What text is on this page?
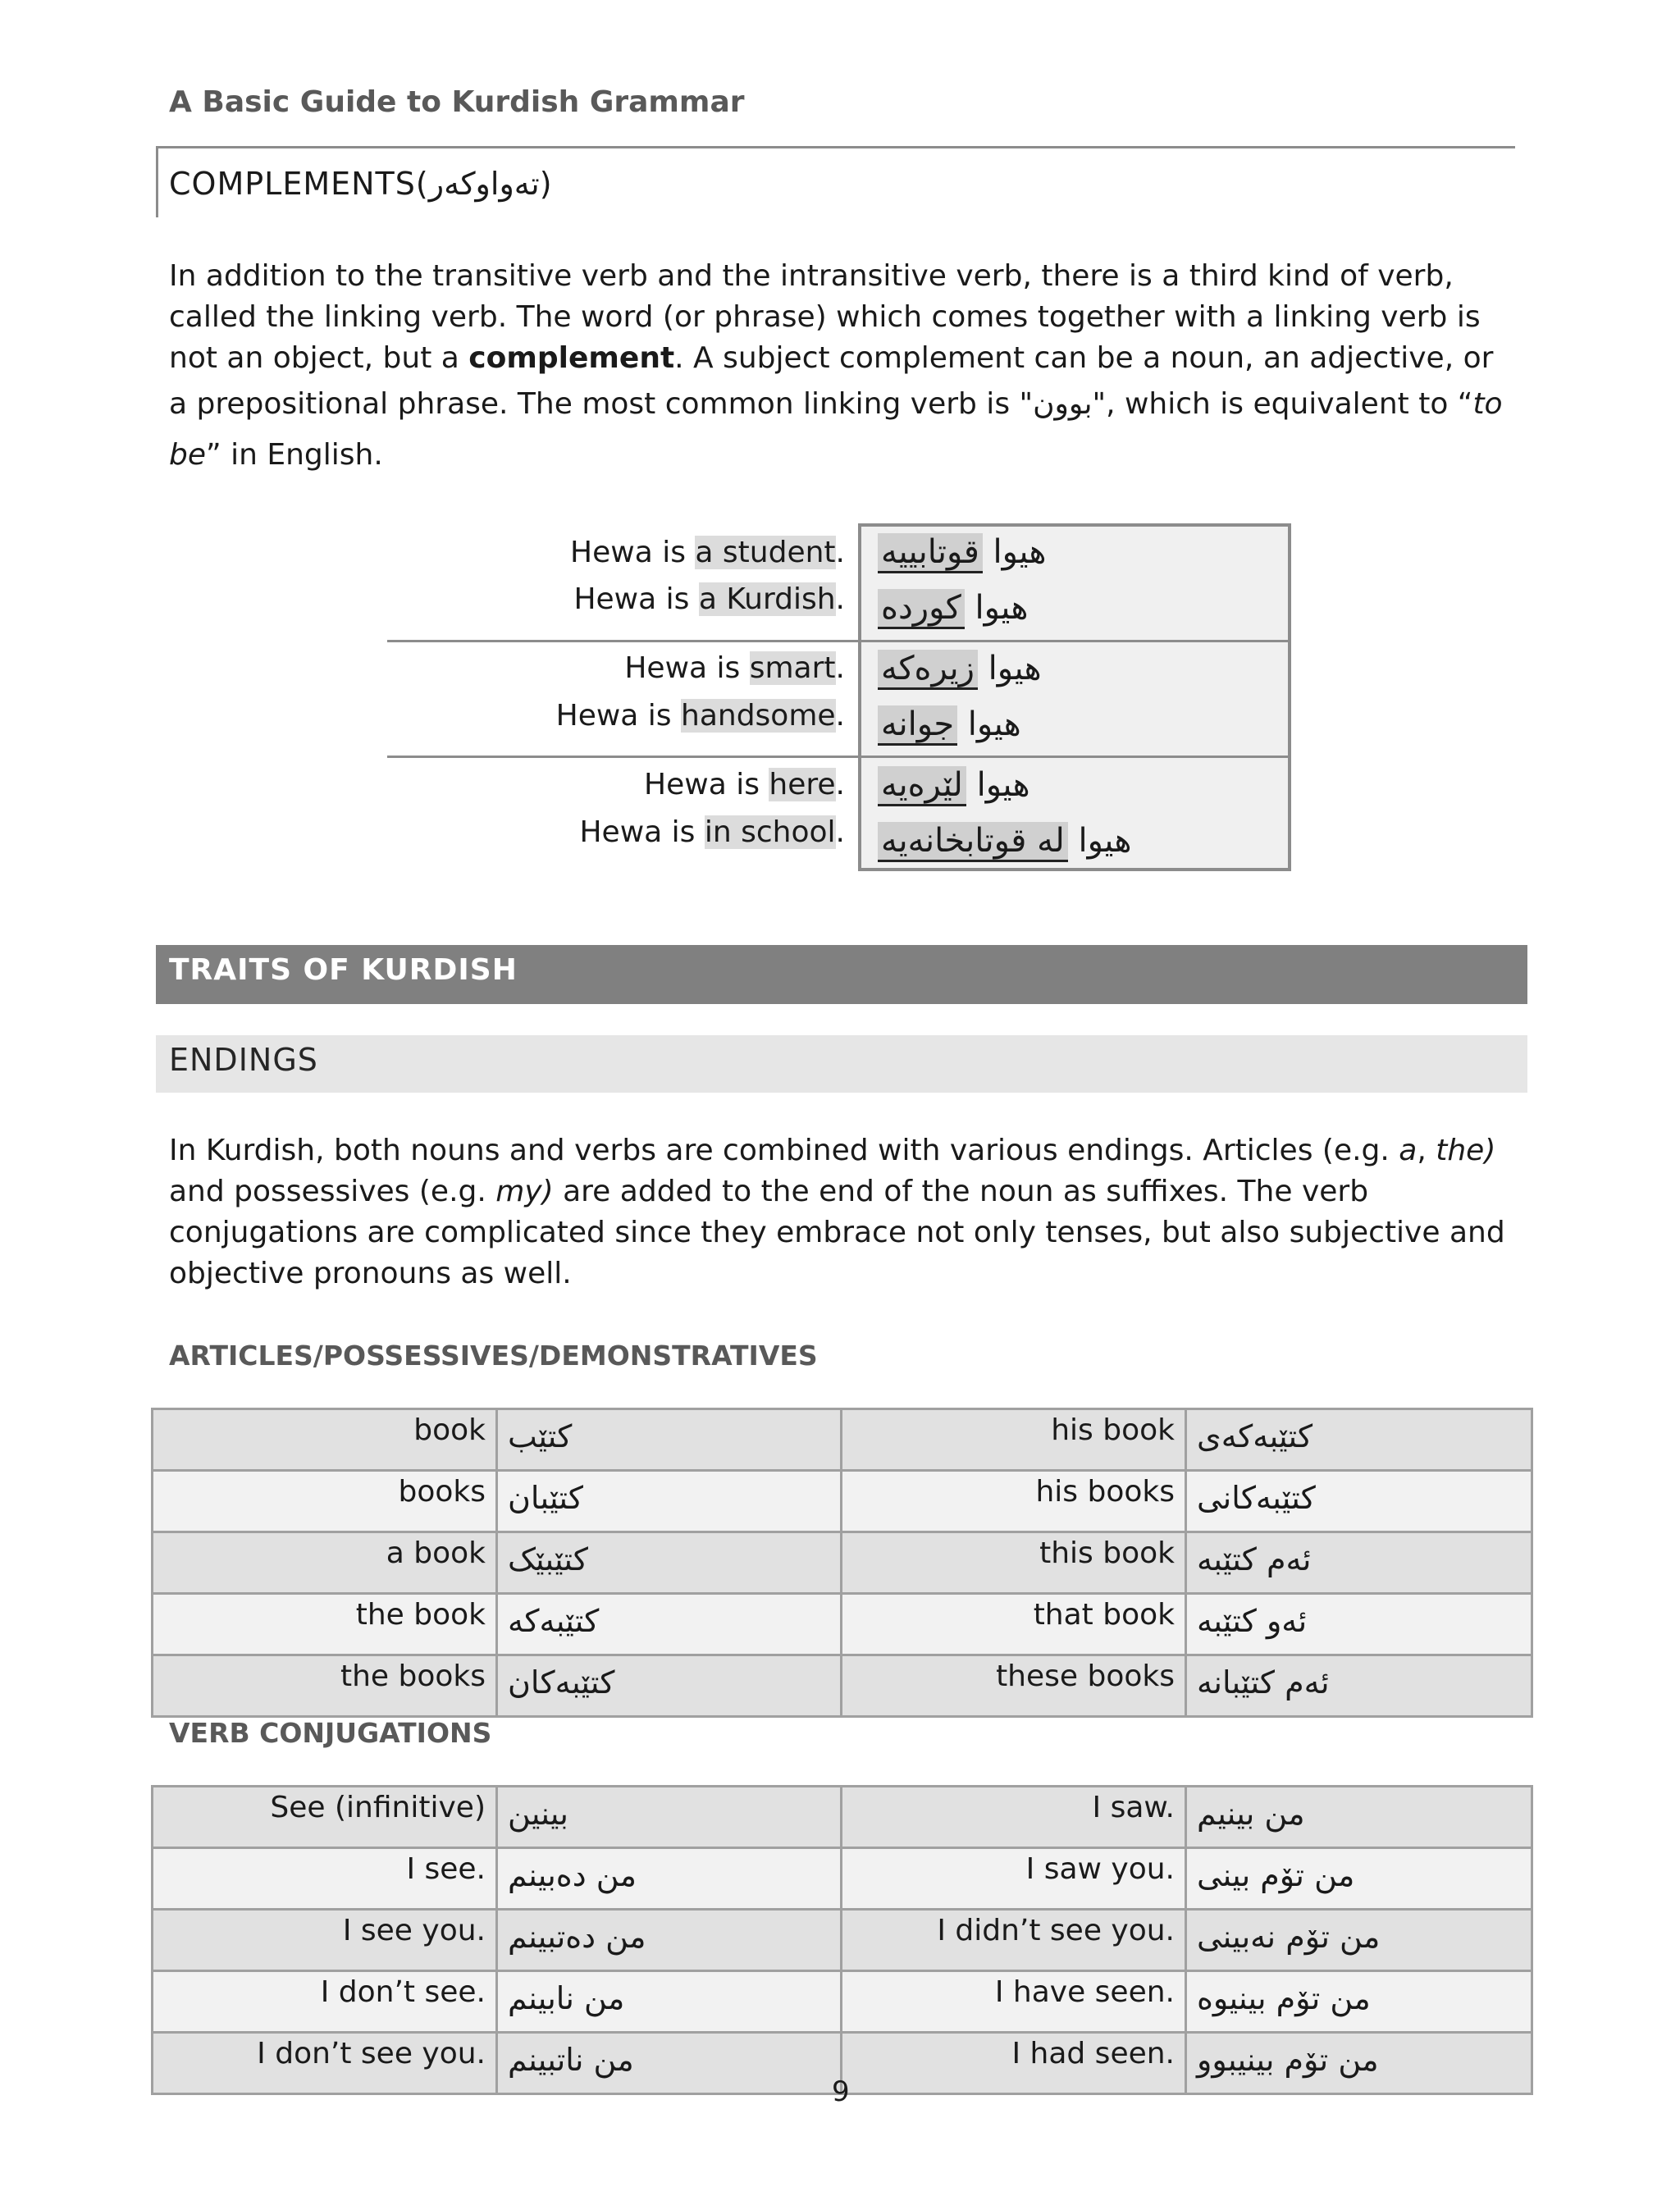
A Basic Guide to Kurdish Grammar
COMPLEMENTS(تەواوکەر)
In addition to the transitive verb and the intransitive verb, there is a third kind of verb,
called the linking verb. The word (or phrase) which comes together with a linking verb is
not an object, but a complement. A subject complement can be a noun, an adjective, or
a prepositional phrase. The most common linking verb is "بوون", which is equivalent to “to
be” in English.
Hewa is a student.	هیوا قوتابییە
Hewa is a Kurdish.	هیوا کوردە
Hewa is smart.	هیوا زیرەکە
Hewa is handsome.	هیوا جوانە
Hewa is here.	هیوا لێرەیە
Hewa is in school.	هیوا لە قوتابخانەیە
TRAITS OF KURDISH
ENDINGS
In Kurdish, both nouns and verbs are combined with various endings. Articles (e.g. a, the)
and possessives (e.g. my) are added to the end of the noun as suffixes. The verb
conjugations are complicated since they embrace not only tenses, but also subjective and
objective pronouns as well.
ARTICLES/POSSESSIVES/DEMONSTRATIVES
book	کتێب	his book	کتێبەکەی
books	کتێبان	his books	کتێبەکانی
a book	کتێبێک	this book	ئەم کتێبە
the book	کتێبەکە	that book	ئەو کتێبە
the books	کتێبەکان	these books	ئەم کتێبانە
VERB CONJUGATIONS
See (infinitive)	بینین	I saw.	من بینیم
I see.	من دەبینم	I saw you.	من تۆم بینی
I see you.	من دەتبینم	I didn’t see you.	من تۆم نەبینی
I don’t see.	من نابینم	I have seen.	من تۆم بینیوە
I don’t see you.	من ناتبینم	I had seen.	من تۆم بینیبوو
9
